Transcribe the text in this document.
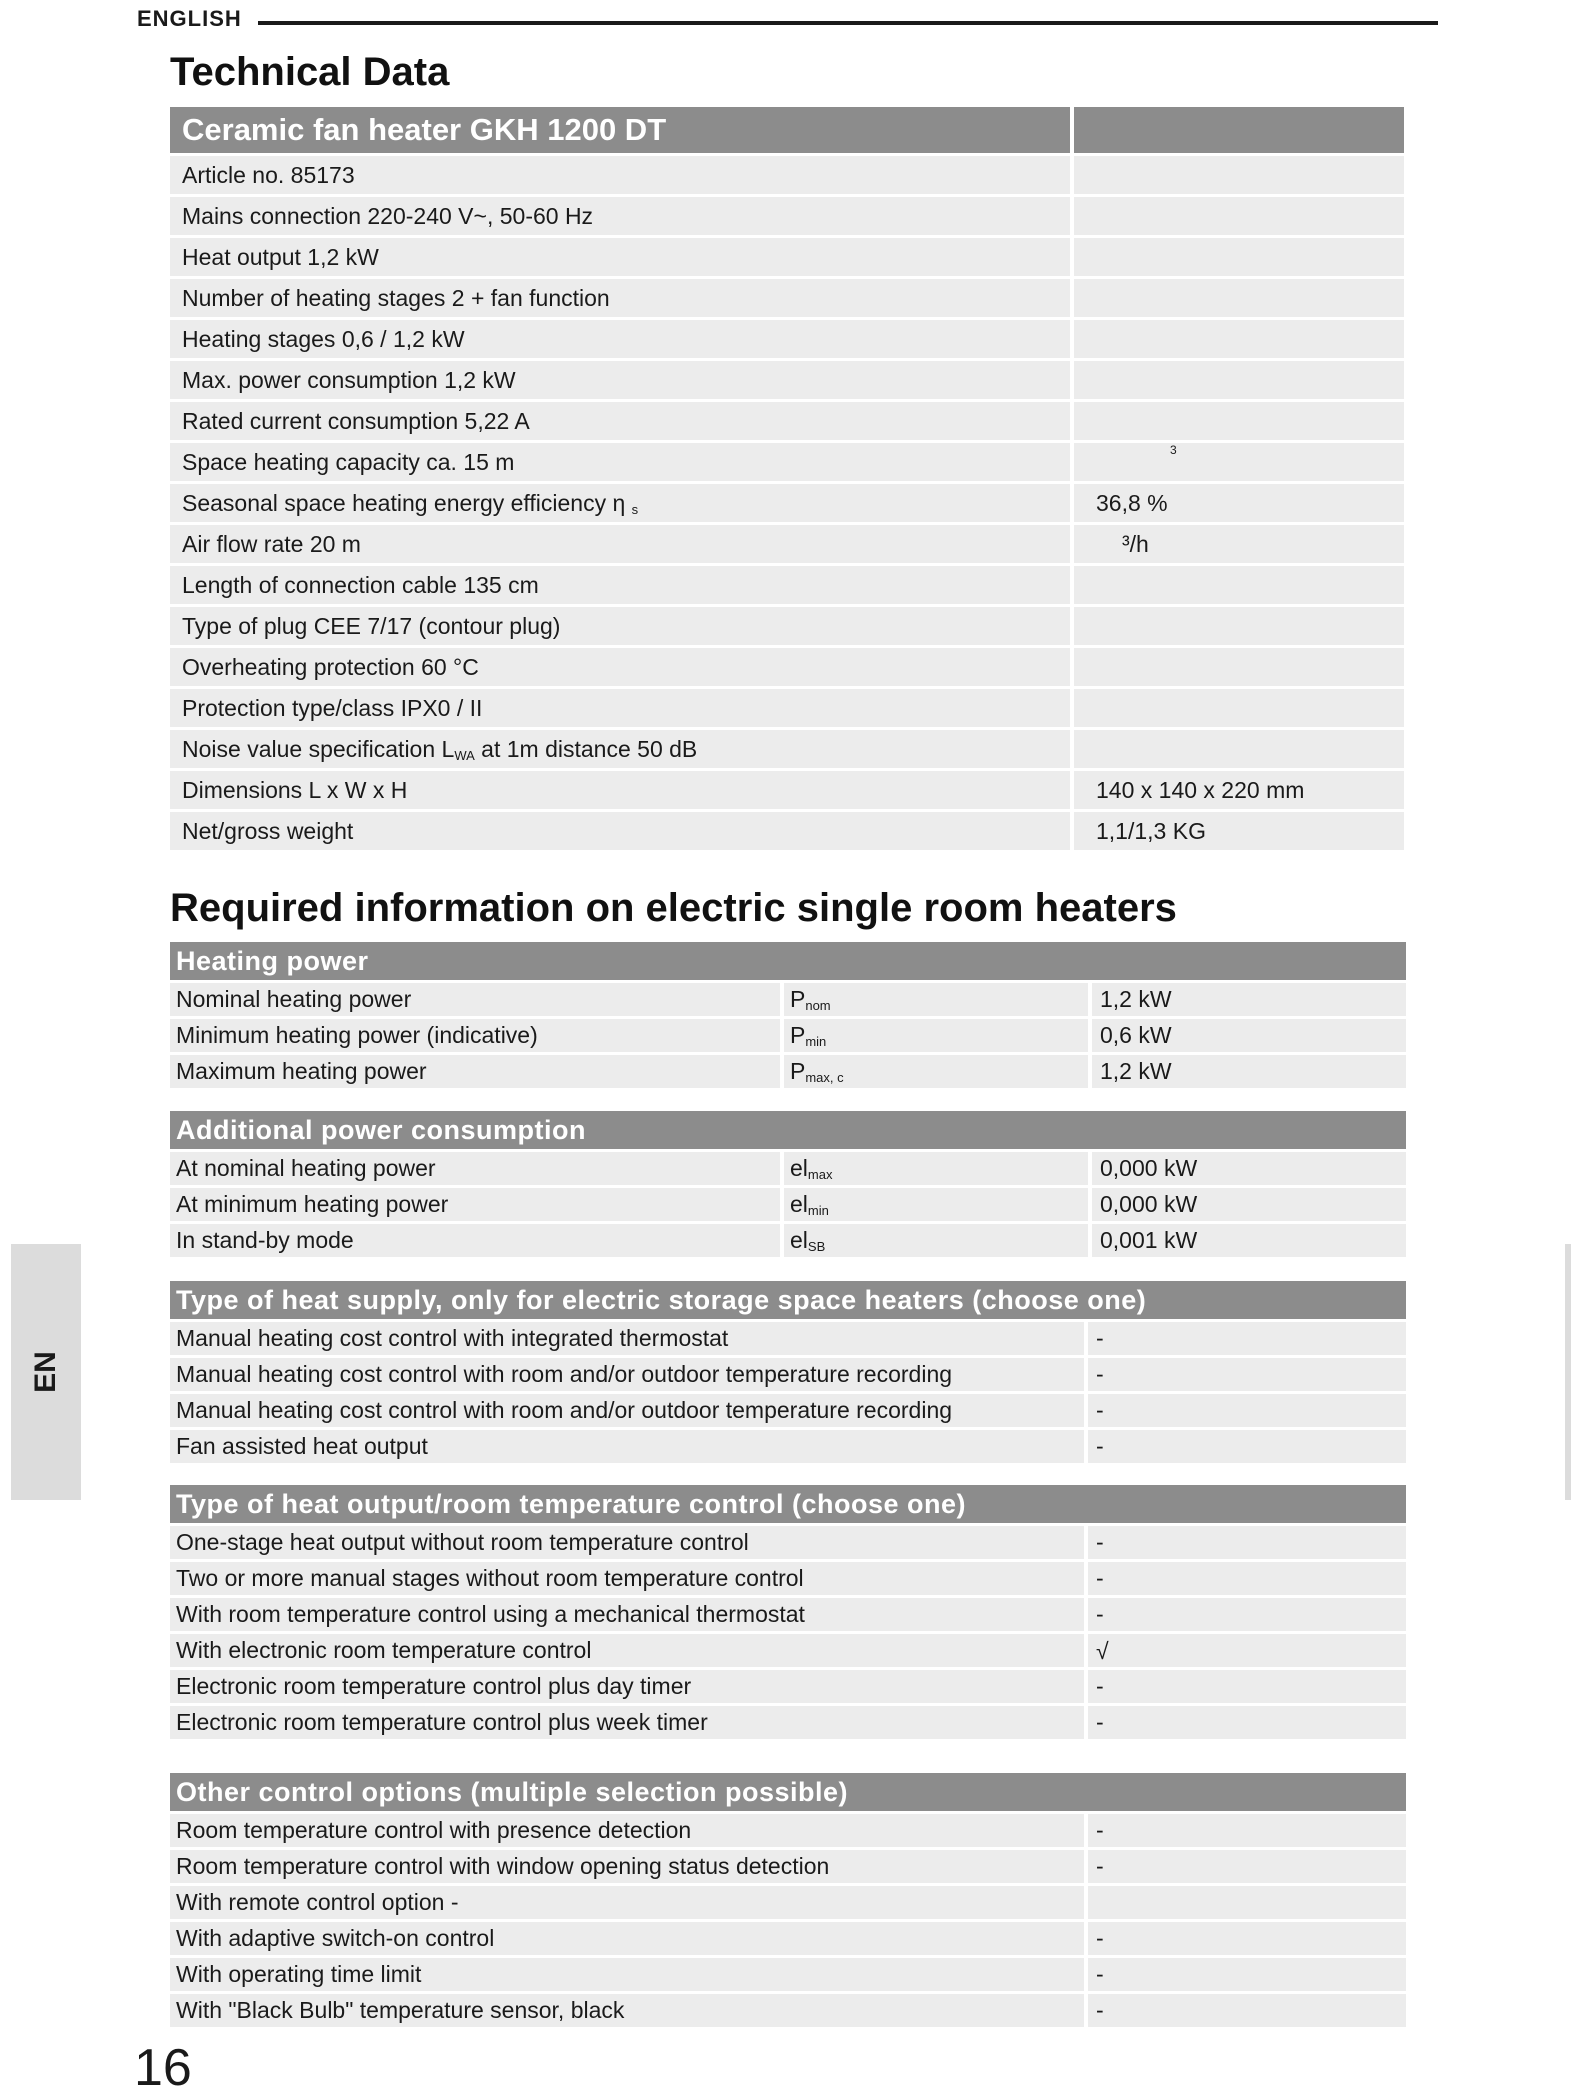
ENGLISH
Technical Data
Ceramic fan heater GKH 1200 DT	
Article no. 85173	
Mains connection 220-240 V~, 50-60 Hz	
Heat output 1,2 kW	
Number of heating stages 2 + fan function	
Heating stages 0,6 / 1,2 kW	
Max. power consumption 1,2 kW	
Rated current consumption 5,22 A	
Space heating capacity ca. 15 m	3
Seasonal space heating energy efficiency η $_s$	36,8 %
Air flow rate 20 m	³/h
Length of connection cable 135 cm	
Type of plug CEE 7/17 (contour plug)	
Overheating protection 60 °C	
Protection type/class IPX0 / II	
Noise value specification $L_{WA}$ at 1m distance 50 dB	
Dimensions L x W x H	140 x 140 x 220 mm
Net/gross weight	1,1/1,3 KG
Required information on electric single room heaters
Heating power
Nominal heating power	$P_{nom}$	1,2 kW
Minimum heating power (indicative)	$P_{min}$	0,6 kW
Maximum heating power	$P_{max, c}$	1,2 kW
Additional power consumption
At nominal heating power	$el_{max}$	0,000 kW
At minimum heating power	$el_{min}$	0,000 kW
In stand-by mode	$el_{SB}$	0,001 kW
Type of heat supply, only for electric storage space heaters (choose one)
Manual heating cost control with integrated thermostat	-
Manual heating cost control with room and/or outdoor temperature recording	-
Manual heating cost control with room and/or outdoor temperature recording	-
Fan assisted heat output	-
Type of heat output/room temperature control (choose one)
One-stage heat output without room temperature control	-
Two or more manual stages without room temperature control	-
With room temperature control using a mechanical thermostat	-
With electronic room temperature control	√
Electronic room temperature control plus day timer	-
Electronic room temperature control plus week timer	-
Other control options (multiple selection possible)
Room temperature control with presence detection	-
Room temperature control with window opening status detection	-
With remote control option -	
With adaptive switch-on control	-
With operating time limit	-
With "Black Bulb" temperature sensor, black	-
EN
16
